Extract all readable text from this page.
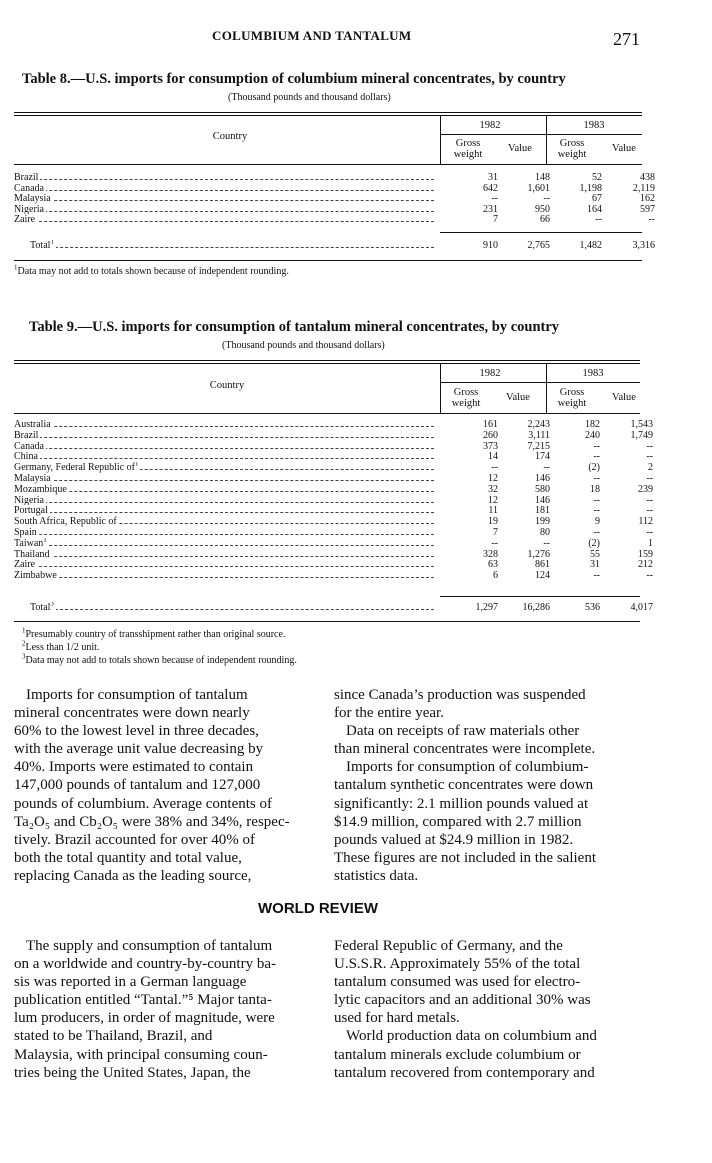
COLUMBIUM AND TANTALUM	271
Table 8.—U.S. imports for consumption of columbium mineral concentrates, by country
(Thousand pounds and thousand dollars)
Country
1982	1983
Gross weight
Value	Gross weight
Value
Brazil	31	148	52	438
Canada	642	1,601	1,198	2,119
Malaysia	--	--	67	162
Nigeria	231	950	164	597
Zaire	7	66	--	--
Total$^1$	910	2,765	1,482	3,316
$^1$Data may not add to totals shown because of independent rounding.
Table 9.—U.S. imports for consumption of tantalum mineral concentrates, by country
(Thousand pounds and thousand dollars)
Country
1982	1983
Gross weight
Value	Gross weight
Value
Australia	161	2,243	182	1,543
Brazil	260	3,111	240	1,749
Canada	373	7,215	--	--
China	14	174	--	--
Germany, Federal Republic $of^1$	--	--	(2)	2
Malaysia	12	146	--	--
Mozambique	32	580	18	239
Nigeria	12	146	--	--
Portugal	11	181	--	--
South Africa, Republic of	19	199	9	112
Spain	7	80	--	--
Taiwan$^1$	--	--	(2)	1
Thailand	328	1,276	55	159
Zaire	63	861	31	212
Zimbabwe	6	124	--	--
Total$^3$	1,297	16,286	536	4,017
$^1$Presumably country of transshipment rather than original source.
$^2$Less than 1/2 unit.
$^3$Data may not add to totals shown because of independent rounding.
Imports for consumption of tantalum
mineral concentrates were down nearly
60% to the lowest level in three decades,
with the average unit value decreasing by
40%. Imports were estimated to contain
147,000 pounds of tantalum and 127,000
pounds of columbium. Average contents of
Ta₂O₅ and Cb₂O₅ were 38% and 34%, respec-
tively. Brazil accounted for over 40% of
both the total quantity and total value,
replacing Canada as the leading source,
since Canada’s production was suspended
for the entire year.
Data on receipts of raw materials other
than mineral concentrates were incomplete.
Imports for consumption of columbium-
tantalum synthetic concentrates were down
significantly: 2.1 million pounds valued at
$14.9 million, compared with 2.7 million
pounds valued at $24.9 million in 1982.
These figures are not included in the salient
statistics data.
WORLD REVIEW
The supply and consumption of tantalum
on a worldwide and country-by-country ba-
sis was reported in a German language
publication entitled “Tantal.”⁵ Major tanta-
lum producers, in order of magnitude, were
stated to be Thailand, Brazil, and
Malaysia, with principal consuming coun-
tries being the United States, Japan, the
Federal Republic of Germany, and the
U.S.S.R. Approximately 55% of the total
tantalum consumed was used for electro-
lytic capacitors and an additional 30% was
used for hard metals.
World production data on columbium and
tantalum minerals exclude columbium or
tantalum recovered from contemporary and
